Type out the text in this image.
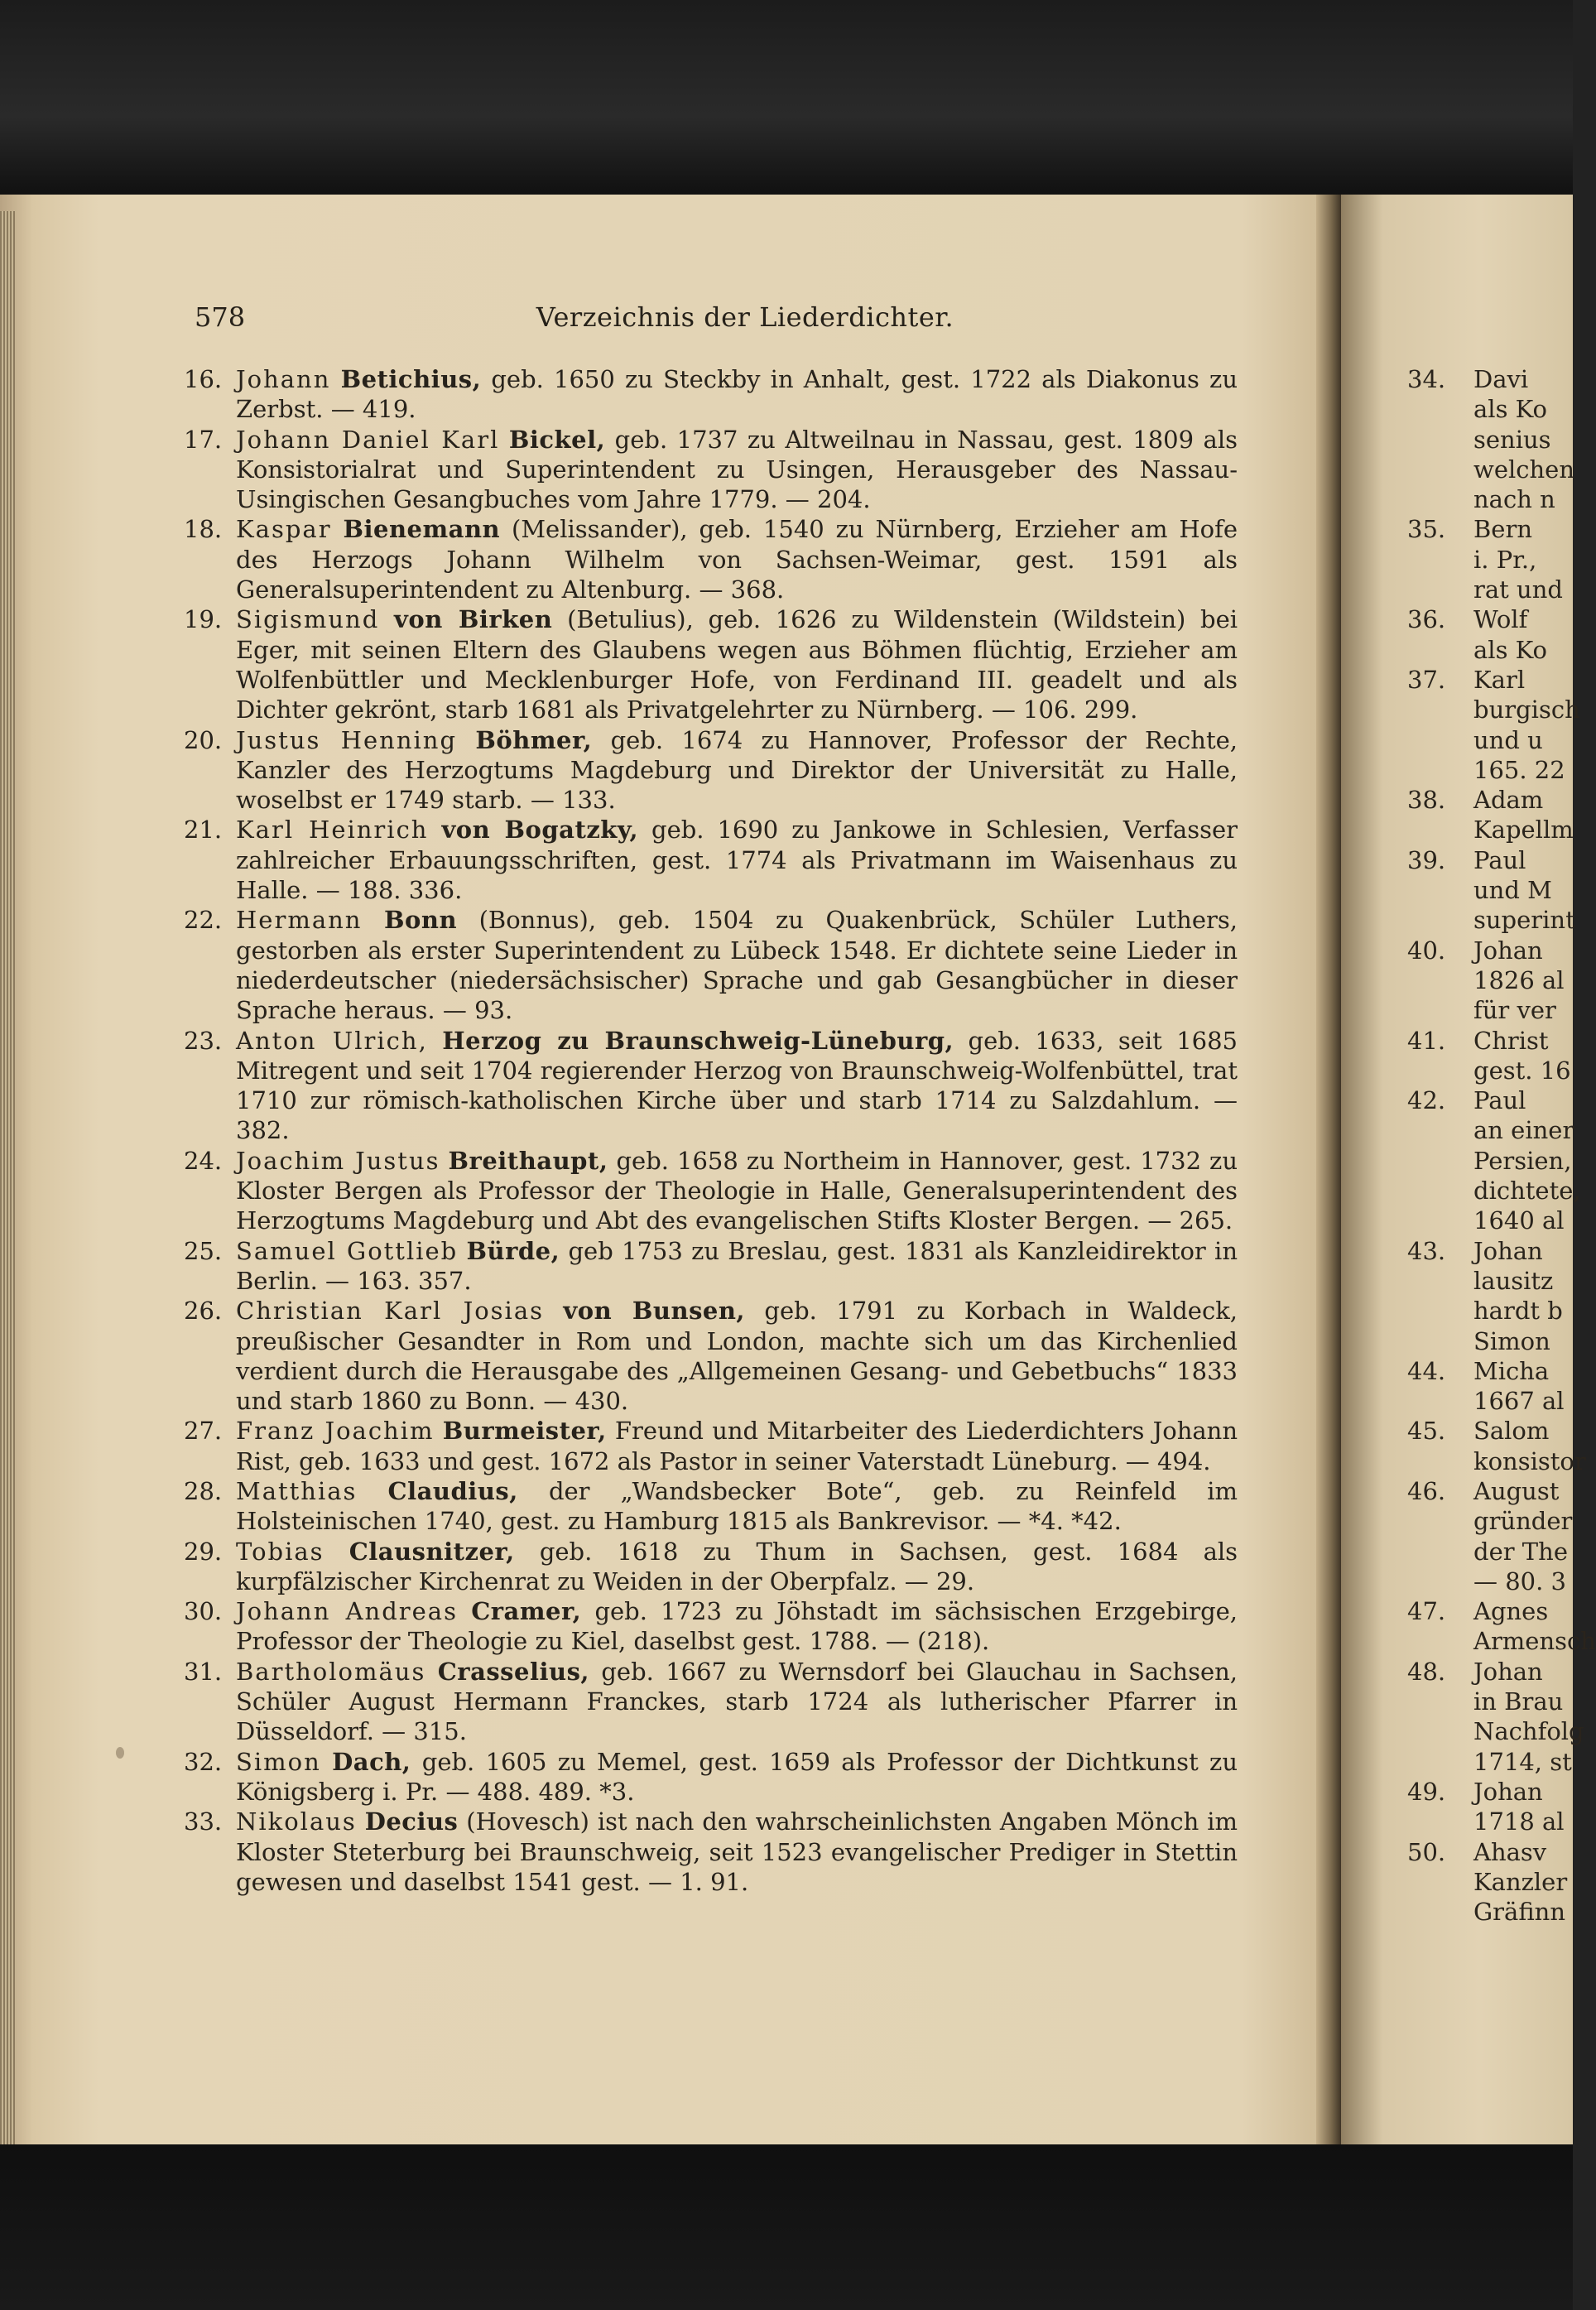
578	Verzeichnis der Liederdichter.

16. Johann Betichius, geb. 1650 zu Steckby in Anhalt, gest. 1722 als Diakonus zu Zerbst. — 419.

17. Johann Daniel Karl Bickel, geb. 1737 zu Altweilnau in Nassau, gest. 1809 als Konsistorialrat und Superintendent zu Usingen, Herausgeber des Nassau-Usingischen Gesangbuches vom Jahre 1779. — 204.

18. Kaspar Bienemann (Melissander), geb. 1540 zu Nürnberg, Erzieher am Hofe des Herzogs Johann Wilhelm von Sachsen-Weimar, gest. 1591 als Generalsuperintendent zu Altenburg. — 368.

19. Sigismund von Birken (Betulius), geb. 1626 zu Wildenstein (Wildstein) bei Eger, mit seinen Eltern des Glaubens wegen aus Böhmen flüchtig, Erzieher am Wolfenbüttler und Mecklenburger Hofe, von Ferdinand III. geadelt und als Dichter gekrönt, starb 1681 als Privatgelehrter zu Nürnberg. — 106. 299.

20. Justus Henning Böhmer, geb. 1674 zu Hannover, Professor der Rechte, Kanzler des Herzogtums Magdeburg und Direktor der Universität zu Halle, woselbst er 1749 starb. — 133.

21. Karl Heinrich von Bogatzky, geb. 1690 zu Jankowe in Schlesien, Verfasser zahlreicher Erbauungsschriften, gest. 1774 als Privatmann im Waisenhaus zu Halle. — 188. 336.

22. Hermann Bonn (Bonnus), geb. 1504 zu Quakenbrück, Schüler Luthers, gestorben als erster Superintendent zu Lübeck 1548. Er dichtete seine Lieder in niederdeutscher (niedersächsischer) Sprache und gab Gesangbücher in dieser Sprache heraus. — 93.

23. Anton Ulrich, Herzog zu Braunschweig-Lüneburg, geb. 1633, seit 1685 Mitregent und seit 1704 regierender Herzog von Braunschweig-Wolfenbüttel, trat 1710 zur römisch-katholischen Kirche über und starb 1714 zu Salzdahlum. — 382.

24. Joachim Justus Breithaupt, geb. 1658 zu Northeim in Hannover, gest. 1732 zu Kloster Bergen als Professor der Theologie in Halle, Generalsuperintendent des Herzogtums Magdeburg und Abt des evangelischen Stifts Kloster Bergen. — 265.

25. Samuel Gottlieb Bürde, geb 1753 zu Breslau, gest. 1831 als Kanzleidirektor in Berlin. — 163. 357.

26. Christian Karl Josias von Bunsen, geb. 1791 zu Korbach in Waldeck, preußischer Gesandter in Rom und London, machte sich um das Kirchenlied verdient durch die Herausgabe des „Allgemeinen Gesang- und Gebetbuchs“ 1833 und starb 1860 zu Bonn. — 430.

27. Franz Joachim Burmeister, Freund und Mitarbeiter des Liederdichters Johann Rist, geb. 1633 und gest. 1672 als Pastor in seiner Vaterstadt Lüneburg. — 494.

28. Matthias Claudius, der „Wandsbecker Bote“, geb. zu Reinfeld im Holsteinischen 1740, gest. zu Hamburg 1815 als Bankrevisor. — *4. *42.

29. Tobias Clausnitzer, geb. 1618 zu Thum in Sachsen, gest. 1684 als kurpfälzischer Kirchenrat zu Weiden in der Oberpfalz. — 29.

30. Johann Andreas Cramer, geb. 1723 zu Jöhstadt im sächsischen Erzgebirge, Professor der Theologie zu Kiel, daselbst gest. 1788. — (218).

31. Bartholomäus Crasselius, geb. 1667 zu Wernsdorf bei Glauchau in Sachsen, Schüler August Hermann Franckes, starb 1724 als lutherischer Pfarrer in Düsseldorf. — 315.

32. Simon Dach, geb. 1605 zu Memel, gest. 1659 als Professor der Dichtkunst zu Königsberg i. Pr. — 488. 489. *3.

33. Nikolaus Decius (Hovesch) ist nach den wahrscheinlichsten Angaben Mönch im Kloster Steterburg bei Braunschweig, seit 1523 evangelischer Prediger in Stettin gewesen und daselbst 1541 gest. — 1. 91.

34. Davi
als Ko
senius
welchen
nach n
35. Bern
i. Pr.,
rat und
36. Wolf
als Ko
37. Karl
burgisch
und u
165. 22
38. Adam
Kapellm
39. Paul
und M
superint
40. Johan
1826 al
für ver
41. Christ
gest. 16
42. Paul
an einer
Persien,
dichtete,
1640 al
43. Johan
lausitz
hardt b
Simon
44. Micha
1667 al
45. Salom
konsistor
46. August
gründer
der The
— 80. 3
47. Agnes
Armensch
48. Johan
in Brau
Nachfolg
1714, st
49. Johan
1718 al
50. Ahasv
Kanzler
Gräfinn
